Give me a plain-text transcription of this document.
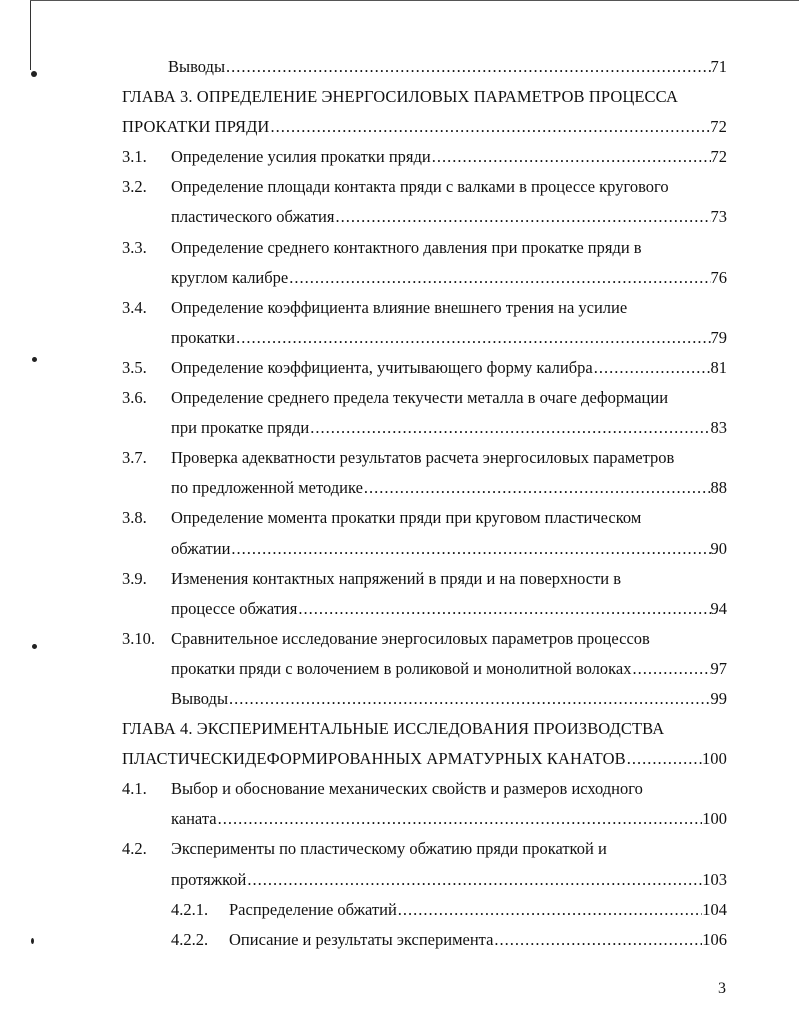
Выводы .....	71
ГЛАВА 3. ОПРЕДЕЛЕНИЕ ЭНЕРГОСИЛОВЫХ ПАРАМЕТРОВ ПРОЦЕССА
ПРОКАТКИ ПРЯДИ .....	72
3.1. Определение усилия прокатки пряди .....	72
3.2. Определение площади контакта пряди с валками в процессе кругового
пластического обжатия .....	73
3.3. Определение среднего контактного давления при прокатке пряди в
круглом калибре .....	76
3.4. Определение коэффициента влияние внешнего трения на усилие
прокатки .....	79
3.5. Определение коэффициента, учитывающего форму калибра .....	81
3.6. Определение среднего предела текучести металла в очаге деформации
при прокатке пряди .....	83
3.7. Проверка адекватности результатов расчета энергосиловых параметров
по предложенной методике .....	88
3.8. Определение момента прокатки пряди при круговом пластическом
обжатии .....	90
3.9. Изменения контактных напряжений в пряди и на поверхности в
процессе обжатия .....	94
3.10. Сравнительное исследование энергосиловых параметров процессов
прокатки пряди с волочением в роликовой и монолитной волоках .....	97
Выводы .....	99
ГЛАВА 4. ЭКСПЕРИМЕНТАЛЬНЫЕ ИССЛЕДОВАНИЯ ПРОИЗВОДСТВА
ПЛАСТИЧЕСКИДЕФОРМИРОВАННЫХ АРМАТУРНЫХ КАНАТОВ .....	100
4.1. Выбор и обоснование механических свойств и размеров исходного
каната .....	100
4.2. Эксперименты по пластическому обжатию пряди прокаткой и
протяжкой .....	103
4.2.1. Распределение обжатий .....	104
4.2.2. Описание и результаты эксперимента .....	106
3
